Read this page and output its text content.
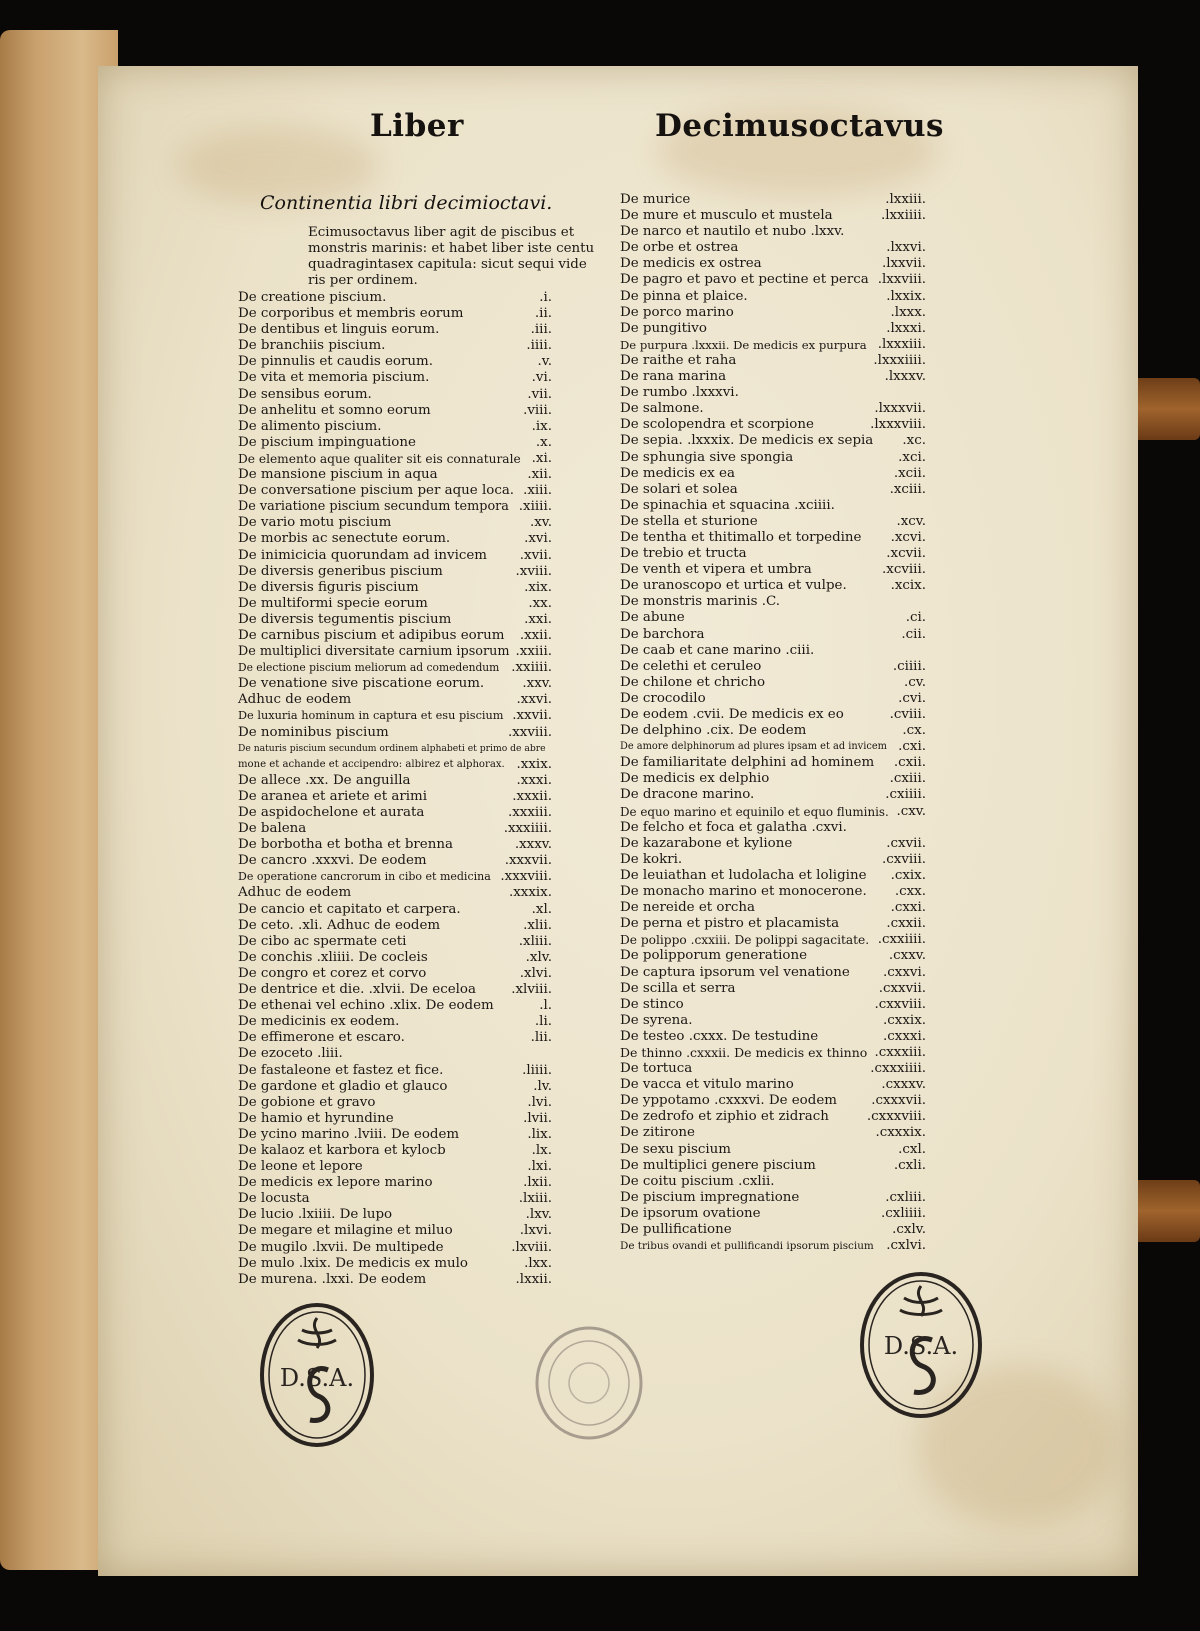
Liber	Decimusoctavus
Continentia libri decimioctavi.
Ecimusoctavus liber agit de piscibus et
monstris marinis: et habet liber iste centu
quadragintasex capitula: sicut sequi vide
ris per ordinem.
De creatione piscium.	.i.
De corporibus et membris eorum	.ii.
De dentibus et linguis eorum.	.iii.
De branchiis piscium.	.iiii.
De pinnulis et caudis eorum.	.v.
De vita et memoria piscium.	.vi.
De sensibus eorum.	.vii.
De anhelitu et somno eorum	.viii.
De alimento piscium.	.ix.
De piscium impinguatione	.x.
De elemento aque qualiter sit eis connaturale .xi.
De mansione piscium in aqua	.xii.
De conversatione piscium per aque loca. .xiii.
De variatione piscium secundum tempora .xiiii.
De vario motu piscium	.xv.
De morbis ac senectute eorum.	.xvi.
De inimicicia quorundam ad invicem .xvii.
De diversis generibus piscium	.xviii.
De diversis figuris piscium	.xix.
De multiformi specie eorum	.xx.
De diversis tegumentis piscium	.xxi.
De carnibus piscium et adipibus eorum .xxii.
De multiplici diversitate carnium ipsorum .xxiii.
De electione piscium meliorum ad comedendum .xxiiii.
De venatione sive piscatione eorum.	.xxv.
Adhuc de eodem	.xxvi.
De luxuria hominum in captura et esu piscium .xxvii.
De nominibus piscium	.xxviii.
De naturis piscium secundum ordinem alphabeti et primo de abre
mone et achande et accipendro: albirez et alphorax. .xxix.
De allece .xx. De anguilla	.xxxi.
De aranea et ariete et arimi	.xxxii.
De aspidochelone et aurata	.xxxiii.
De balena	.xxxiiii.
De borbotha et botha et brenna	.xxxv.
De cancro .xxxvi. De eodem	.xxxvii.
De operatione cancrorum in cibo et medicina .xxxviii.
Adhuc de eodem	.xxxix.
De cancio et capitato et carpera.	.xl.
De ceto. .xli. Adhuc de eodem	.xlii.
De cibo ac spermate ceti	.xliii.
De conchis .xliiii. De cocleis	.xlv.
De congro et corez et corvo	.xlvi.
De dentrice et die. .xlvii. De eceloa	.xlviii.
De ethenai vel echino .xlix. De eodem	.l.
De medicinis ex eodem.	.li.
De effimerone et escaro.	.lii.
De ezoceto .liii.
De fastaleone et fastez et fice.	.liiii.
De gardone et gladio et glauco	.lv.
De gobione et gravo	.lvi.
De hamio et hyrundine	.lvii.
De ycino marino .lviii. De eodem	.lix.
De kalaoz et karbora et kylocb	.lx.
De leone et lepore	.lxi.
De medicis ex lepore marino	.lxii.
De locusta	.lxiii.
De lucio .lxiiii. De lupo	.lxv.
De megare et milagine et miluo	.lxvi.
De mugilo .lxvii. De multipede	.lxviii.
De mulo .lxix. De medicis ex mulo	.lxx.
De murena. .lxxi. De eodem	.lxxii.
De murice	.lxxiii.
De mure et musculo et mustela	.lxxiiii.
De narco et nautilo et nubo .lxxv.
De orbe et ostrea	.lxxvi.
De medicis ex ostrea	.lxxvii.
De pagro et pavo et pectine et perca .lxxviii.
De pinna et plaice.	.lxxix.
De porco marino	.lxxx.
De pungitivo	.lxxxi.
De purpura .lxxxii. De medicis ex purpura .lxxxiii.
De raithe et raha	.lxxxiiii.
De rana marina	.lxxxv.
De rumbo .lxxxvi.
De salmone.	.lxxxvii.
De scolopendra et scorpione	.lxxxviii.
De sepia. .lxxxix. De medicis ex sepia .xc.
De sphungia sive spongia	.xci.
De medicis ex ea	.xcii.
De solari et solea	.xciii.
De spinachia et squacina .xciiii.
De stella et sturione	.xcv.
De tentha et thitimallo et torpedine .xcvi.
De trebio et tructa	.xcvii.
De venth et vipera et umbra	.xcviii.
De uranoscopo et urtica et vulpe.	.xcix.
De monstris marinis .C.
De abune	.ci.
De barchora	.cii.
De caab et cane marino .ciii.
De celethi et ceruleo	.ciiii.
De chilone et chricho	.cv.
De crocodilo	.cvi.
De eodem .cvii. De medicis ex eo	.cviii.
De delphino .cix. De eodem	.cx.
De amore delphinorum ad plures ipsam et ad invicem .cxi.
De familiaritate delphini ad hominem .cxii.
De medicis ex delphio	.cxiii.
De dracone marino.	.cxiiii.
De equo marino et equinilo et equo fluminis. .cxv.
De felcho et foca et galatha .cxvi.
De kazarabone et kylione	.cxvii.
De kokri.	.cxviii.
De leuiathan et ludolacha et loligine .cxix.
De monacho marino et monocerone. .cxx.
De nereide et orcha	.cxxi.
De perna et pistro et placamista	.cxxii.
De polippo .cxxiii. De polippi sagacitate. .cxxiiii.
De polipporum generatione	.cxxv.
De captura ipsorum vel venatione .cxxvi.
De scilla et serra	.cxxvii.
De stinco	.cxxviii.
De syrena.	.cxxix.
De testeo .cxxx. De testudine	.cxxxi.
De thinno .cxxxii. De medicis ex thinno .cxxxiii.
De tortuca	.cxxxiiii.
De vacca et vitulo marino	.cxxxv.
De yppotamo .cxxxvi. De eodem	.cxxxvii.
De zedrofo et ziphio et zidrach	.cxxxviii.
De zitirone	.cxxxix.
De sexu piscium	.cxl.
De multiplici genere piscium	.cxli.
De coitu piscium .cxlii.
De piscium impregnatione	.cxliii.
De ipsorum ovatione	.cxliiii.
De pullificatione	.cxlv.
De tribus ovandi et pullificandi ipsorum piscium .cxlvi.
D.S.A.
D.S.A.
